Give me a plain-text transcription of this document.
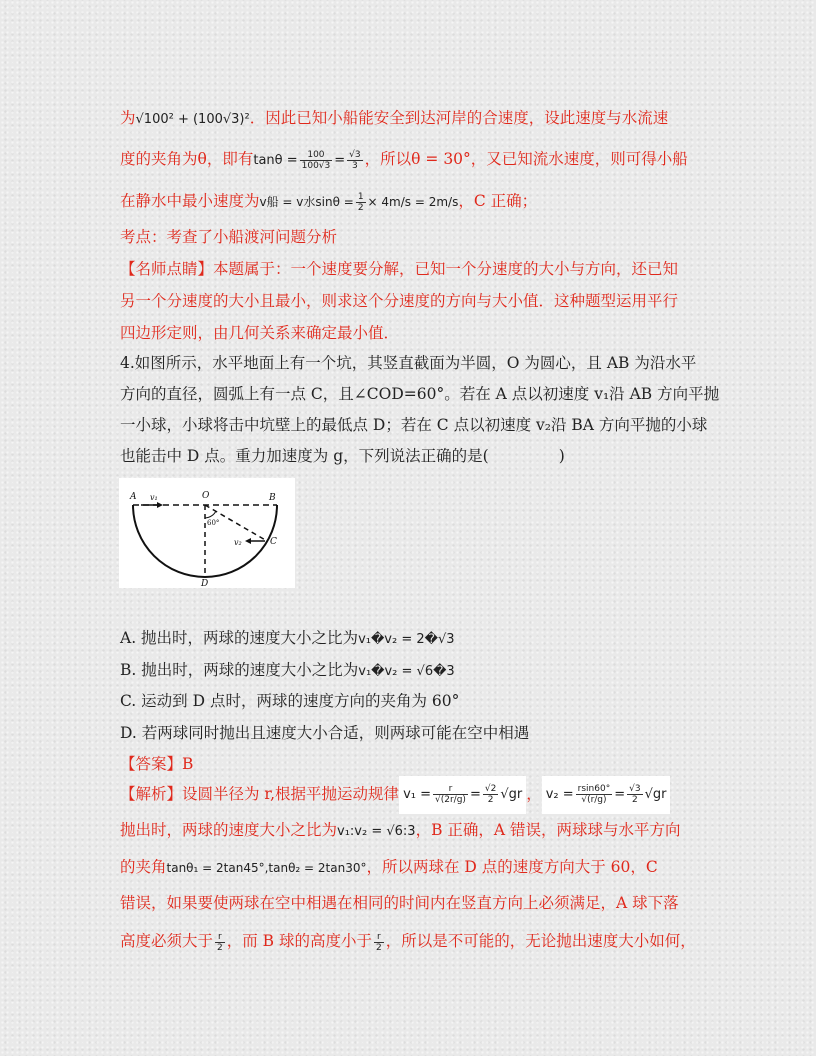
为√100² + (100√3)²．因此已知小船能安全到达河岸的合速度，设此速度与水流速
度的夹角为θ，即有$\tan\theta = \frac{100}{100√3} = \frac{√3}{3}$ ，所以θ = 30°，又已知流水速度，则可得小船
在静水中最小速度为v船 = v水$\sin\theta = \frac{1}{2} \times 4m/s = 2m/s$，C 正确；
考点：考查了小船渡河问题分析
【名师点睛】本题属于：一个速度要分解，已知一个分速度的大小与方向，还已知
另一个分速度的大小且最小，则求这个分速度的方向与大小值．这种题型运用平行
四边形定则，由几何关系来确定最小值．
4.如图所示，水平地面上有一个坑，其竖直截面为半圆，O 为圆心，且 AB 为沿水平
方向的直径，圆弧上有一点 C，且∠COD=60°。若在 A 点以初速度 v₁沿 AB 方向平抛
一小球，小球将击中坑壁上的最低点 D；若在 C 点以初速度 v₂沿 BA 方向平抛的小球
也能击中 D 点。重力加速度为 g，下列说法正确的是(	)
A v₁	O	B
60°
v₂	C
D
A. 抛出时，两球的速度大小之比为v₁�v₂ = 2�√3
B. 抛出时，两球的速度大小之比为v₁�v₂ = √6�3
C. 运动到 D 点时，两球的速度方向的夹角为 60°
D. 若两球同时抛出且速度大小合适，则两球可能在空中相遇
【答案】B
【解析】设圆半径为 r,根据平抛运动规律 $v_1 = \frac{r}{√(2r/g)} = \frac{√2}{2} √gr$ ， $v_2 = \frac{rsin60^\circ}{√(r/g)} = \frac{√3}{2} √gr$
抛出时，两球的速度大小之比为v₁:v₂ = √6:3，B 正确，A 错误，两球球与水平方向
的夹角tanθ₁ = 2tan45°,tanθ₂ = 2tan30°，所以两球在 D 点的速度方向大于 60，C
错误，如果要使两球在空中相遇在相同的时间内在竖直方向上必须满足，A 球下落
高度必须大于 $\frac{r}{2}$ ，而 B 球的高度小于 $\frac{r}{2}$ ，所以是不可能的，无论抛出速度大小如何，
